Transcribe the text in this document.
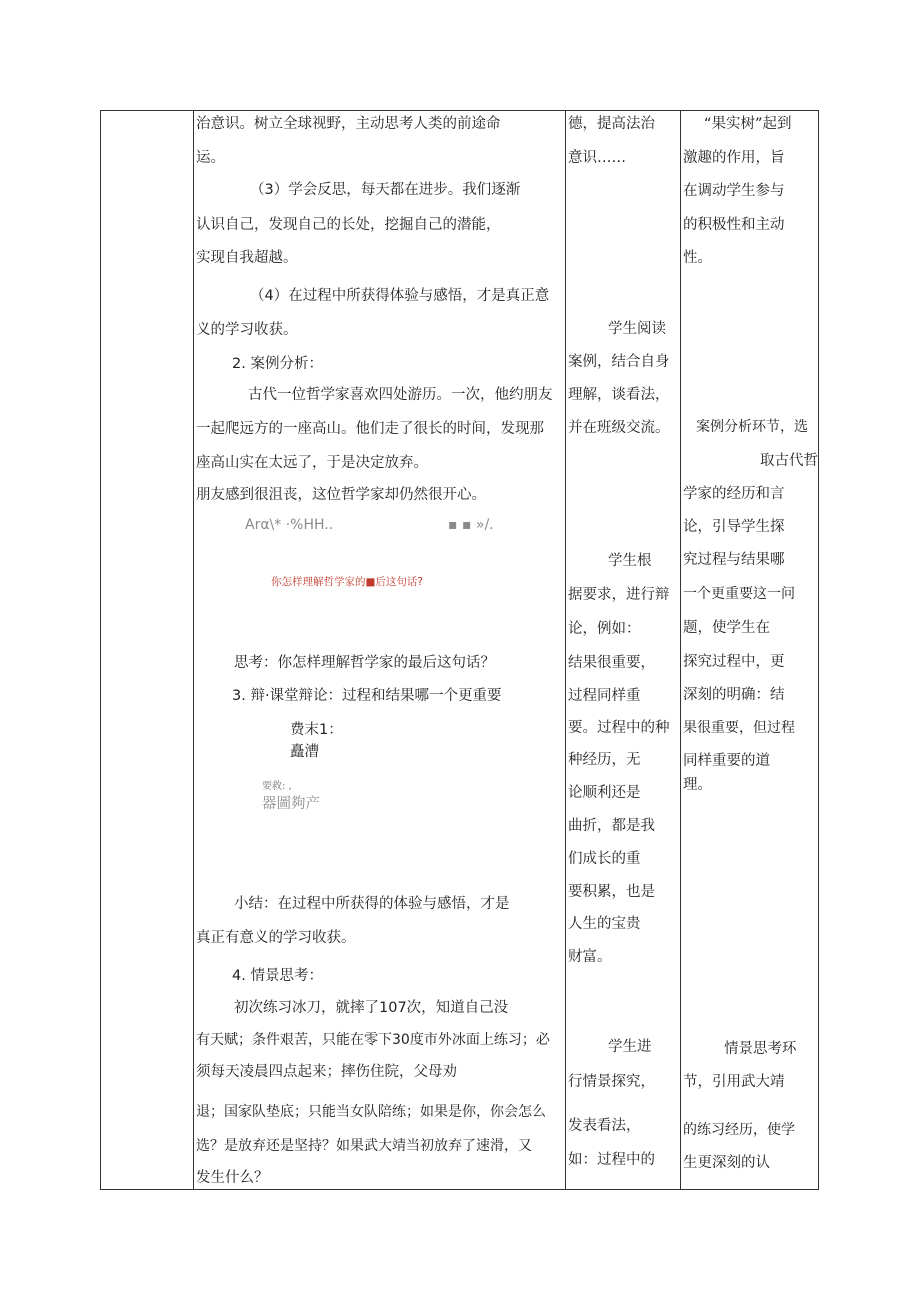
治意识。树立全球视野，主动思考人类的前途命
运。
（3）学会反思，每天都在进步。我们逐渐
认识自己，发现自己的长处，挖掘自己的潜能，
实现自我超越。
（4）在过程中所获得体验与感悟，才是真正意
义的学习收获。
2. 案例分析：
古代一位哲学家喜欢四处游历。一次，他约朋友
一起爬远方的一座高山。他们走了很长的时间，发现那
座高山实在太远了，于是决定放弃。
朋友感到很沮丧，这位哲学家却仍然很开心。
Arα\* ·%HH..	▪ ▪ »/.
你怎样理解哲学家的■后这句话?
思考：你怎样理解哲学家的最后这句话？
3. 辩·课堂辩论：过程和结果哪一个更重要
费末1：
矗漕
要救: ,
器圖夠产
小结：在过程中所获得的体验与感悟，才是
真正有意义的学习收获。
4. 情景思考：
初次练习冰刀，就摔了107次，知道自己没
有天赋；条件艰苦，只能在零下30度市外冰面上练习；必
须每天凌晨四点起来；摔伤住院，父母劝
退；国家队垫底；只能当女队陪练；如果是你，你会怎么
选？是放弃还是坚持？如果武大靖当初放弃了速滑，又
发生什么？
德，提高法治
意识……
学生阅读
案例，结合自身
理解，谈看法，
并在班级交流。
学生根
据要求，进行辩
论，例如：
结果很重要，
过程同样重
要。过程中的种
种经历，无
论顺利还是
曲折，都是我
们成长的重
要积累，也是
人生的宝贵
财富。
学生进
行情景探究，
发表看法，
如：过程中的
“果实树”起到
激趣的作用，旨
在调动学生参与
的积极性和主动
性。
案例分析环节，选
取古代哲
学家的经历和言
论，引导学生探
究过程与结果哪
一个更重要这一问
题，使学生在
探究过程中，更
深刻的明确：结
果很重要，但过程
同样重要的道
理。
情景思考环
节，引用武大靖
的练习经历，使学
生更深刻的认
